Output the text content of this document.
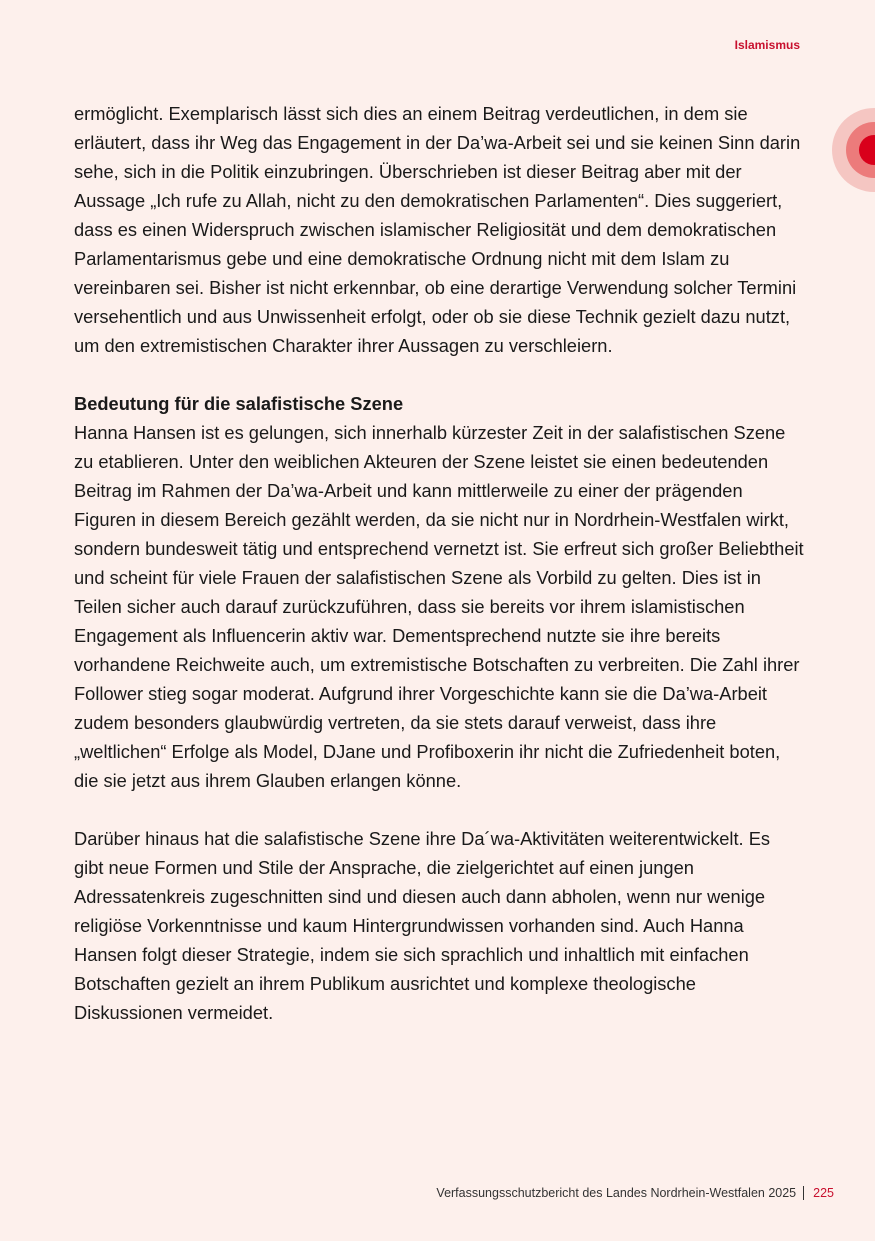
Islamismus

ermöglicht. Exemplarisch lässt sich dies an einem Beitrag verdeutlichen, in dem sie erläutert, dass ihr Weg das Engagement in der Da’wa-Arbeit sei und sie keinen Sinn darin sehe, sich in die Politik einzubringen. Überschrieben ist dieser Beitrag aber mit der Aussage „Ich rufe zu Allah, nicht zu den demokratischen Parlamenten“. Dies suggeriert, dass es einen Widerspruch zwischen islamischer Religiosität und dem demokratischen Parlamentarismus gebe und eine demokratische Ordnung nicht mit dem Islam zu vereinbaren sei. Bisher ist nicht erkennbar, ob eine derartige Verwendung solcher Termini versehentlich und aus Unwissenheit erfolgt, oder ob sie diese Technik gezielt dazu nutzt, um den extremistischen Charakter ihrer Aussagen zu verschleiern.

Bedeutung für die salafistische Szene

Hanna Hansen ist es gelungen, sich innerhalb kürzester Zeit in der salafistischen Szene zu etablieren. Unter den weiblichen Akteuren der Szene leistet sie einen bedeutenden Beitrag im Rahmen der Da’wa-Arbeit und kann mittlerweile zu einer der prägenden Figuren in diesem Bereich gezählt werden, da sie nicht nur in Nordrhein-Westfalen wirkt, sondern bundesweit tätig und entsprechend vernetzt ist. Sie erfreut sich großer Beliebtheit und scheint für viele Frauen der salafistischen Szene als Vorbild zu gelten. Dies ist in Teilen sicher auch darauf zurückzuführen, dass sie bereits vor ihrem islamistischen Engagement als Influencerin aktiv war. Dementsprechend nutzte sie ihre bereits vorhandene Reichweite auch, um extremistische Botschaften zu verbreiten. Die Zahl ihrer Follower stieg sogar moderat. Aufgrund ihrer Vorgeschichte kann sie die Da’wa-Arbeit zudem besonders glaubwürdig vertreten, da sie stets darauf verweist, dass ihre „weltlichen“ Erfolge als Model, DJane und Profiboxerin ihr nicht die Zufriedenheit boten, die sie jetzt aus ihrem Glauben erlangen könne.

Darüber hinaus hat die salafistische Szene ihre Da´wa-Aktivitäten weiterentwickelt. Es gibt neue Formen und Stile der Ansprache, die zielgerichtet auf einen jungen Adressatenkreis zugeschnitten sind und diesen auch dann abholen, wenn nur wenige religiöse Vorkenntnisse und kaum Hintergrundwissen vorhanden sind. Auch Hanna Hansen folgt dieser Strategie, indem sie sich sprachlich und inhaltlich mit einfachen Botschaften gezielt an ihrem Publikum ausrichtet und komplexe theologische Diskussionen vermeidet.

Verfassungsschutzbericht des Landes Nordrhein-Westfalen 2025 225
